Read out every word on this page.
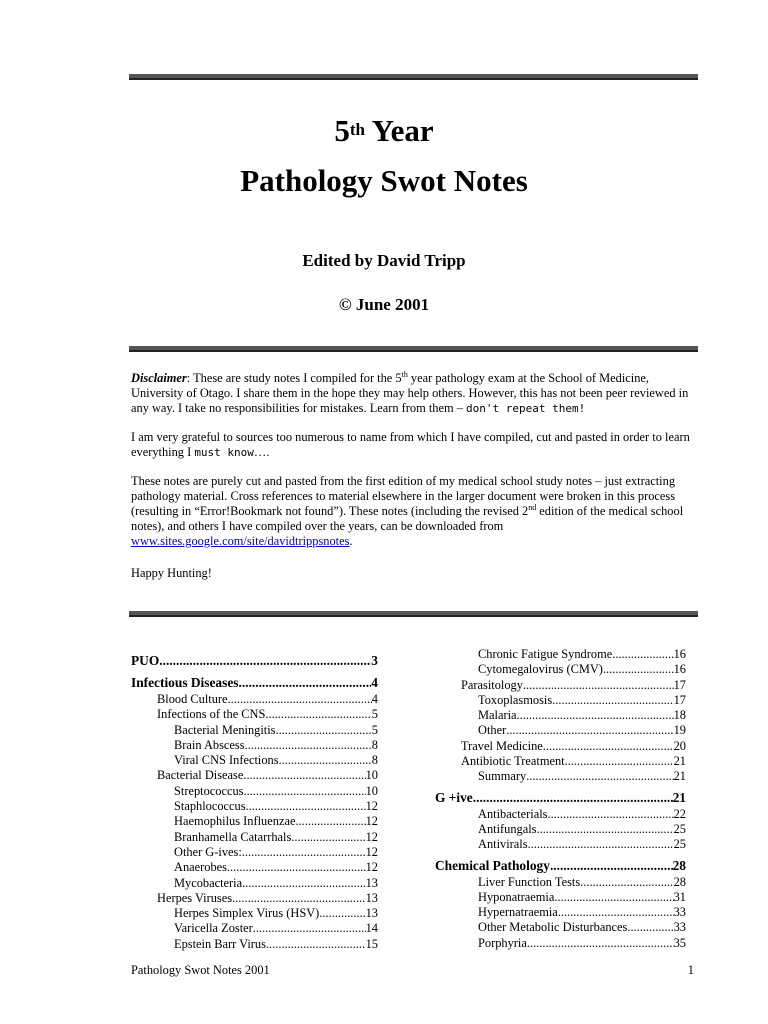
5th Year
Pathology Swot Notes
Edited by David Tripp
© June 2001
Disclaimer: These are study notes I compiled for the 5th year pathology exam at the School of Medicine, University of Otago. I share them in the hope they may help others. However, this has not been peer reviewed in any way. I take no responsibilities for mistakes. Learn from them – don't repeat them!
I am very grateful to sources too numerous to name from which I have compiled, cut and pasted in order to learn everything I must know….
These notes are purely cut and pasted from the first edition of my medical school study notes – just extracting pathology material. Cross references to material elsewhere in the larger document were broken in this process (resulting in “Error!Bookmark not found”). These notes (including the revised 2nd edition of the medical school notes), and others I have compiled over the years, can be downloaded from
www.sites.google.com/site/davidtrippsnotes.
Happy Hunting!
PUO .....	3
Infectious Diseases .....	4
Blood Culture .....	4
Infections of the CNS .....	5
Bacterial Meningitis .....	5
Brain Abscess .....	8
Viral CNS Infections .....	8
Bacterial Disease .....	10
Streptococcus .....	10
Staphlococcus .....	12
Haemophilus Influenzae .....	12
Branhamella Catarrhals .....	12
Other G-ives: .....	12
Anaerobes .....	12
Mycobacteria .....	13
Herpes Viruses .....	13
Herpes Simplex Virus (HSV) .....	13
Varicella Zoster .....	14
Epstein Barr Virus .....	15
Chronic Fatigue Syndrome .....	16
Cytomegalovirus (CMV) .....	16
Parasitology .....	17
Toxoplasmosis .....	17
Malaria .....	18
Other .....	19
Travel Medicine .....	20
Antibiotic Treatment .....	21
Summary .....	21
G +ive .....	21
Antibacterials .....	22
Antifungals .....	25
Antivirals .....	25
Chemical Pathology .....	28
Liver Function Tests .....	28
Hyponatraemia .....	31
Hypernatraemia .....	33
Other Metabolic Disturbances .....	33
Porphyria .....	35
Pathology Swot Notes 2001	1
